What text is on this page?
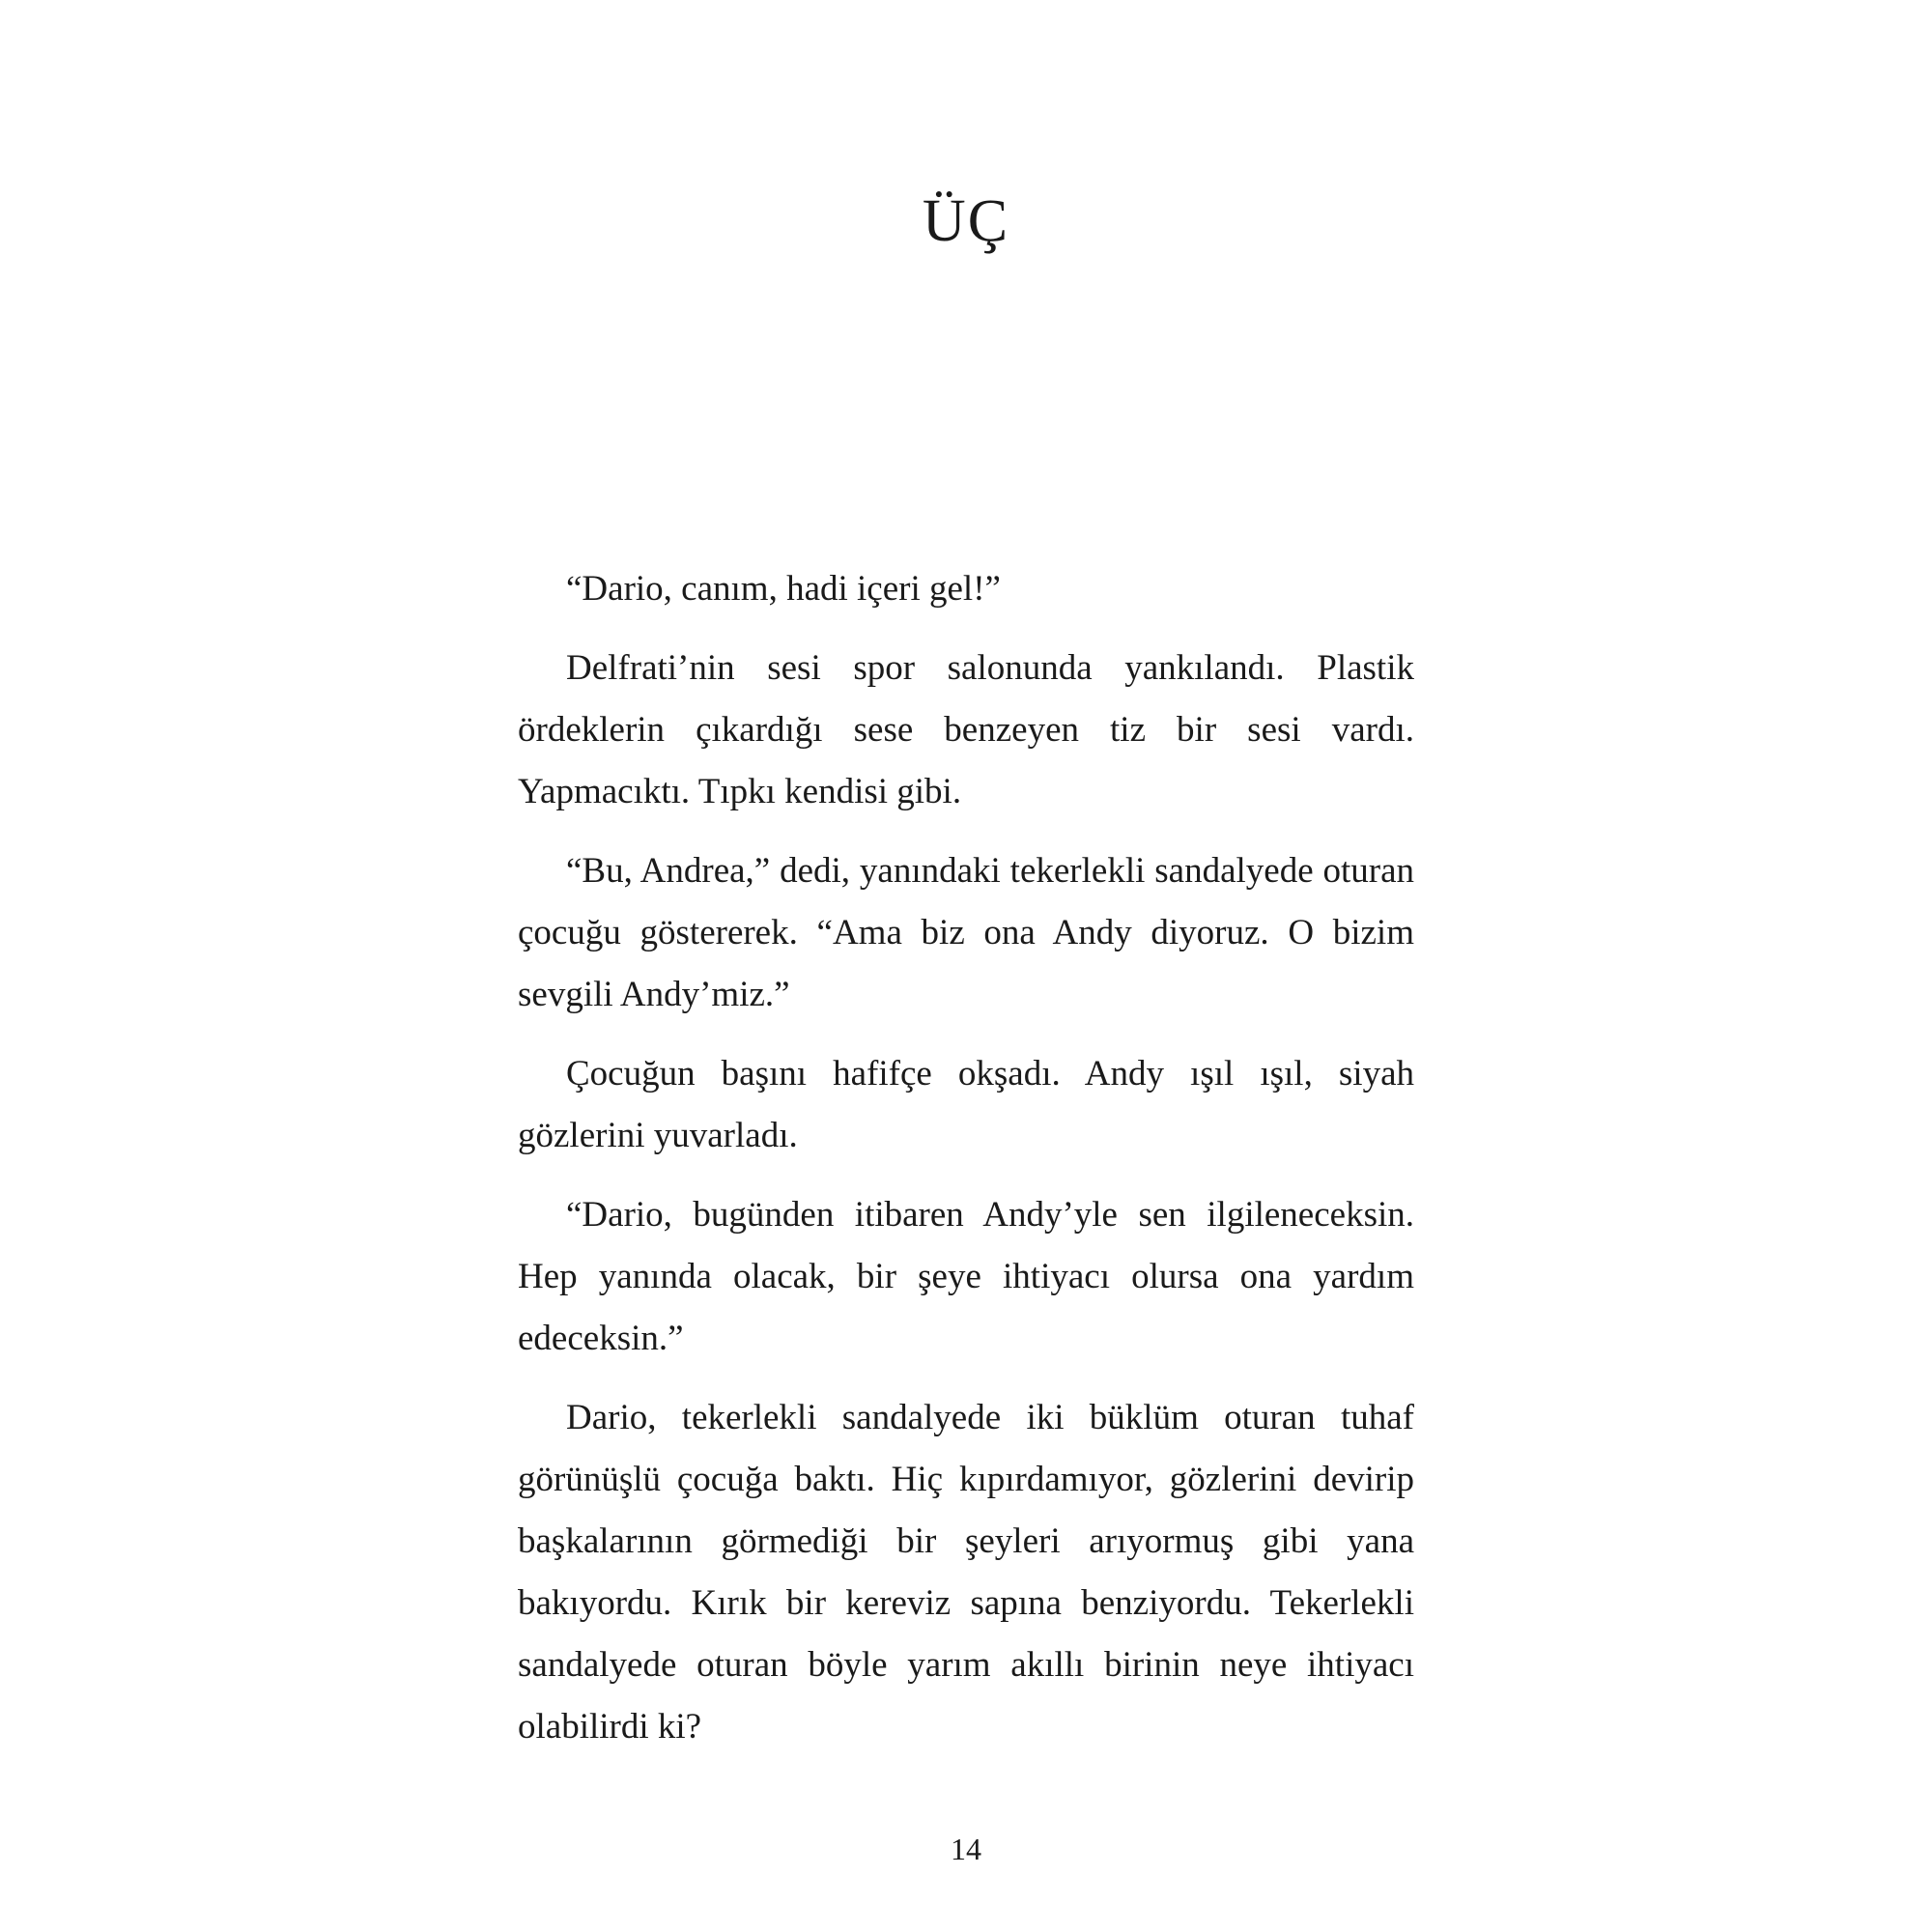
ÜÇ

“Dario, canım, hadi içeri gel!”

Delfrati’nin sesi spor salonunda yankılandı. Plastik ördeklerin çıkardığı sese benzeyen tiz bir sesi vardı. Yapmacıktı. Tıpkı kendisi gibi.

“Bu, Andrea,” dedi, yanındaki tekerlekli sandalyede oturan çocuğu göstererek. “Ama biz ona Andy diyoruz. O bizim sevgili Andy’miz.”

Çocuğun başını hafifçe okşadı. Andy ışıl ışıl, siyah gözlerini yuvarladı.

“Dario, bugünden itibaren Andy’yle sen ilgileneceksin. Hep yanında olacak, bir şeye ihtiyacı olursa ona yardım edeceksin.”

Dario, tekerlekli sandalyede iki büklüm oturan tuhaf görünüşlü çocuğa baktı. Hiç kıpırdamıyor, gözlerini devirip başkalarının görmediği bir şeyleri arıyormuş gibi yana bakıyordu. Kırık bir kereviz sapına benziyordu. Tekerlekli sandalyede oturan böyle yarım akıllı birinin neye ihtiyacı olabilirdi ki?

14
